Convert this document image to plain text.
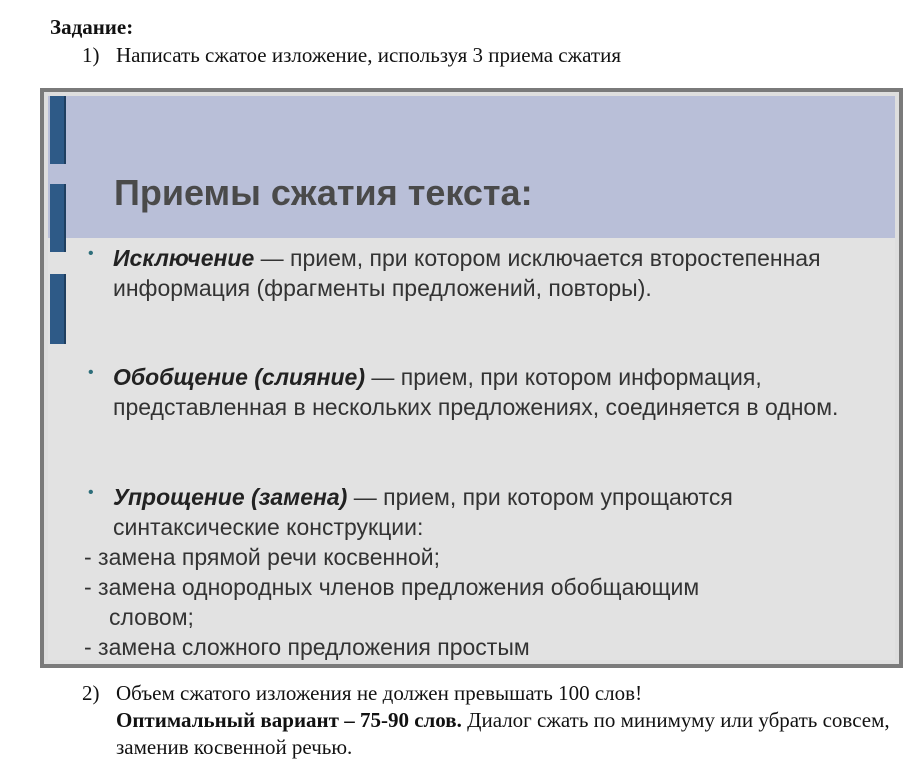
Задание:
1) Написать сжатое изложение, используя 3 приема сжатия
Приемы сжатия текста:
• Исключение — прием, при котором исключается второстепенная информация (фрагменты предложений, повторы).
• Обобщение (слияние) — прием, при котором информация, представленная в нескольких предложениях, соединяется в одном.
• Упрощение (замена) — прием, при котором упрощаются синтаксические конструкции:
- замена прямой речи косвенной;
- замена однородных членов предложения обобщающим
словом;
- замена сложного предложения простым
2) Объем сжатого изложения не должен превышать 100 слов!
Оптимальный вариант – 75-90 слов. Диалог сжать по минимуму или убрать совсем, заменив косвенной речью.
